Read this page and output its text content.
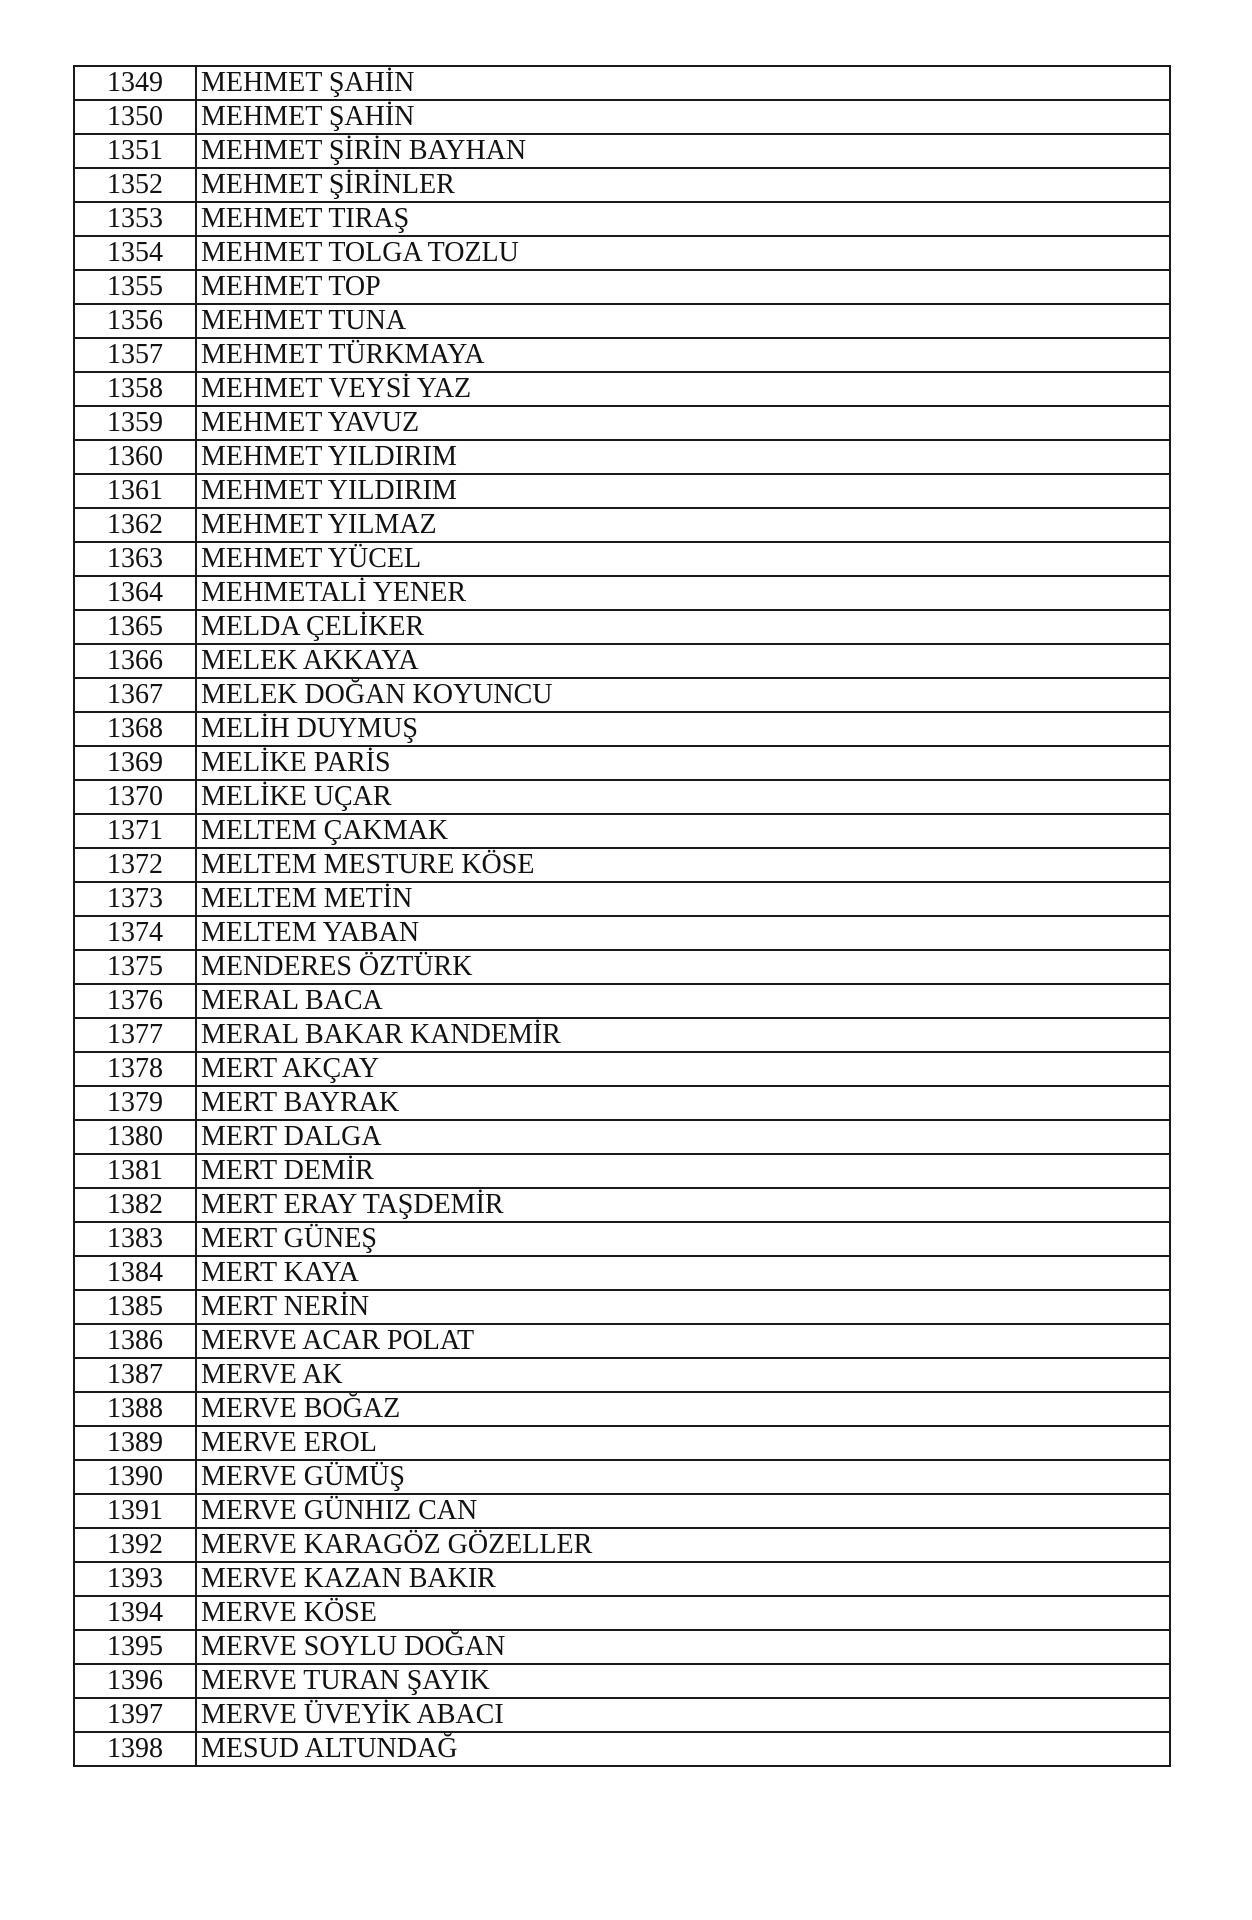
1349	MEHMET ŞAHİN
1350	MEHMET ŞAHİN
1351	MEHMET ŞİRİN BAYHAN
1352	MEHMET ŞİRİNLER
1353	MEHMET TIRAŞ
1354	MEHMET TOLGA TOZLU
1355	MEHMET TOP
1356	MEHMET TUNA
1357	MEHMET TÜRKMAYA
1358	MEHMET VEYSİ YAZ
1359	MEHMET YAVUZ
1360	MEHMET YILDIRIM
1361	MEHMET YILDIRIM
1362	MEHMET YILMAZ
1363	MEHMET YÜCEL
1364	MEHMETALİ YENER
1365	MELDA ÇELİKER
1366	MELEK AKKAYA
1367	MELEK DOĞAN KOYUNCU
1368	MELİH DUYMUŞ
1369	MELİKE PARİS
1370	MELİKE UÇAR
1371	MELTEM ÇAKMAK
1372	MELTEM MESTURE KÖSE
1373	MELTEM METİN
1374	MELTEM YABAN
1375	MENDERES ÖZTÜRK
1376	MERAL BACA
1377	MERAL BAKAR KANDEMİR
1378	MERT AKÇAY
1379	MERT BAYRAK
1380	MERT DALGA
1381	MERT DEMİR
1382	MERT ERAY TAŞDEMİR
1383	MERT GÜNEŞ
1384	MERT KAYA
1385	MERT NERİN
1386	MERVE ACAR POLAT
1387	MERVE AK
1388	MERVE BOĞAZ
1389	MERVE EROL
1390	MERVE GÜMÜŞ
1391	MERVE GÜNHIZ CAN
1392	MERVE KARAGÖZ GÖZELLER
1393	MERVE KAZAN BAKIR
1394	MERVE KÖSE
1395	MERVE SOYLU DOĞAN
1396	MERVE TURAN ŞAYIK
1397	MERVE ÜVEYİK ABACI
1398	MESUD ALTUNDAĞ
